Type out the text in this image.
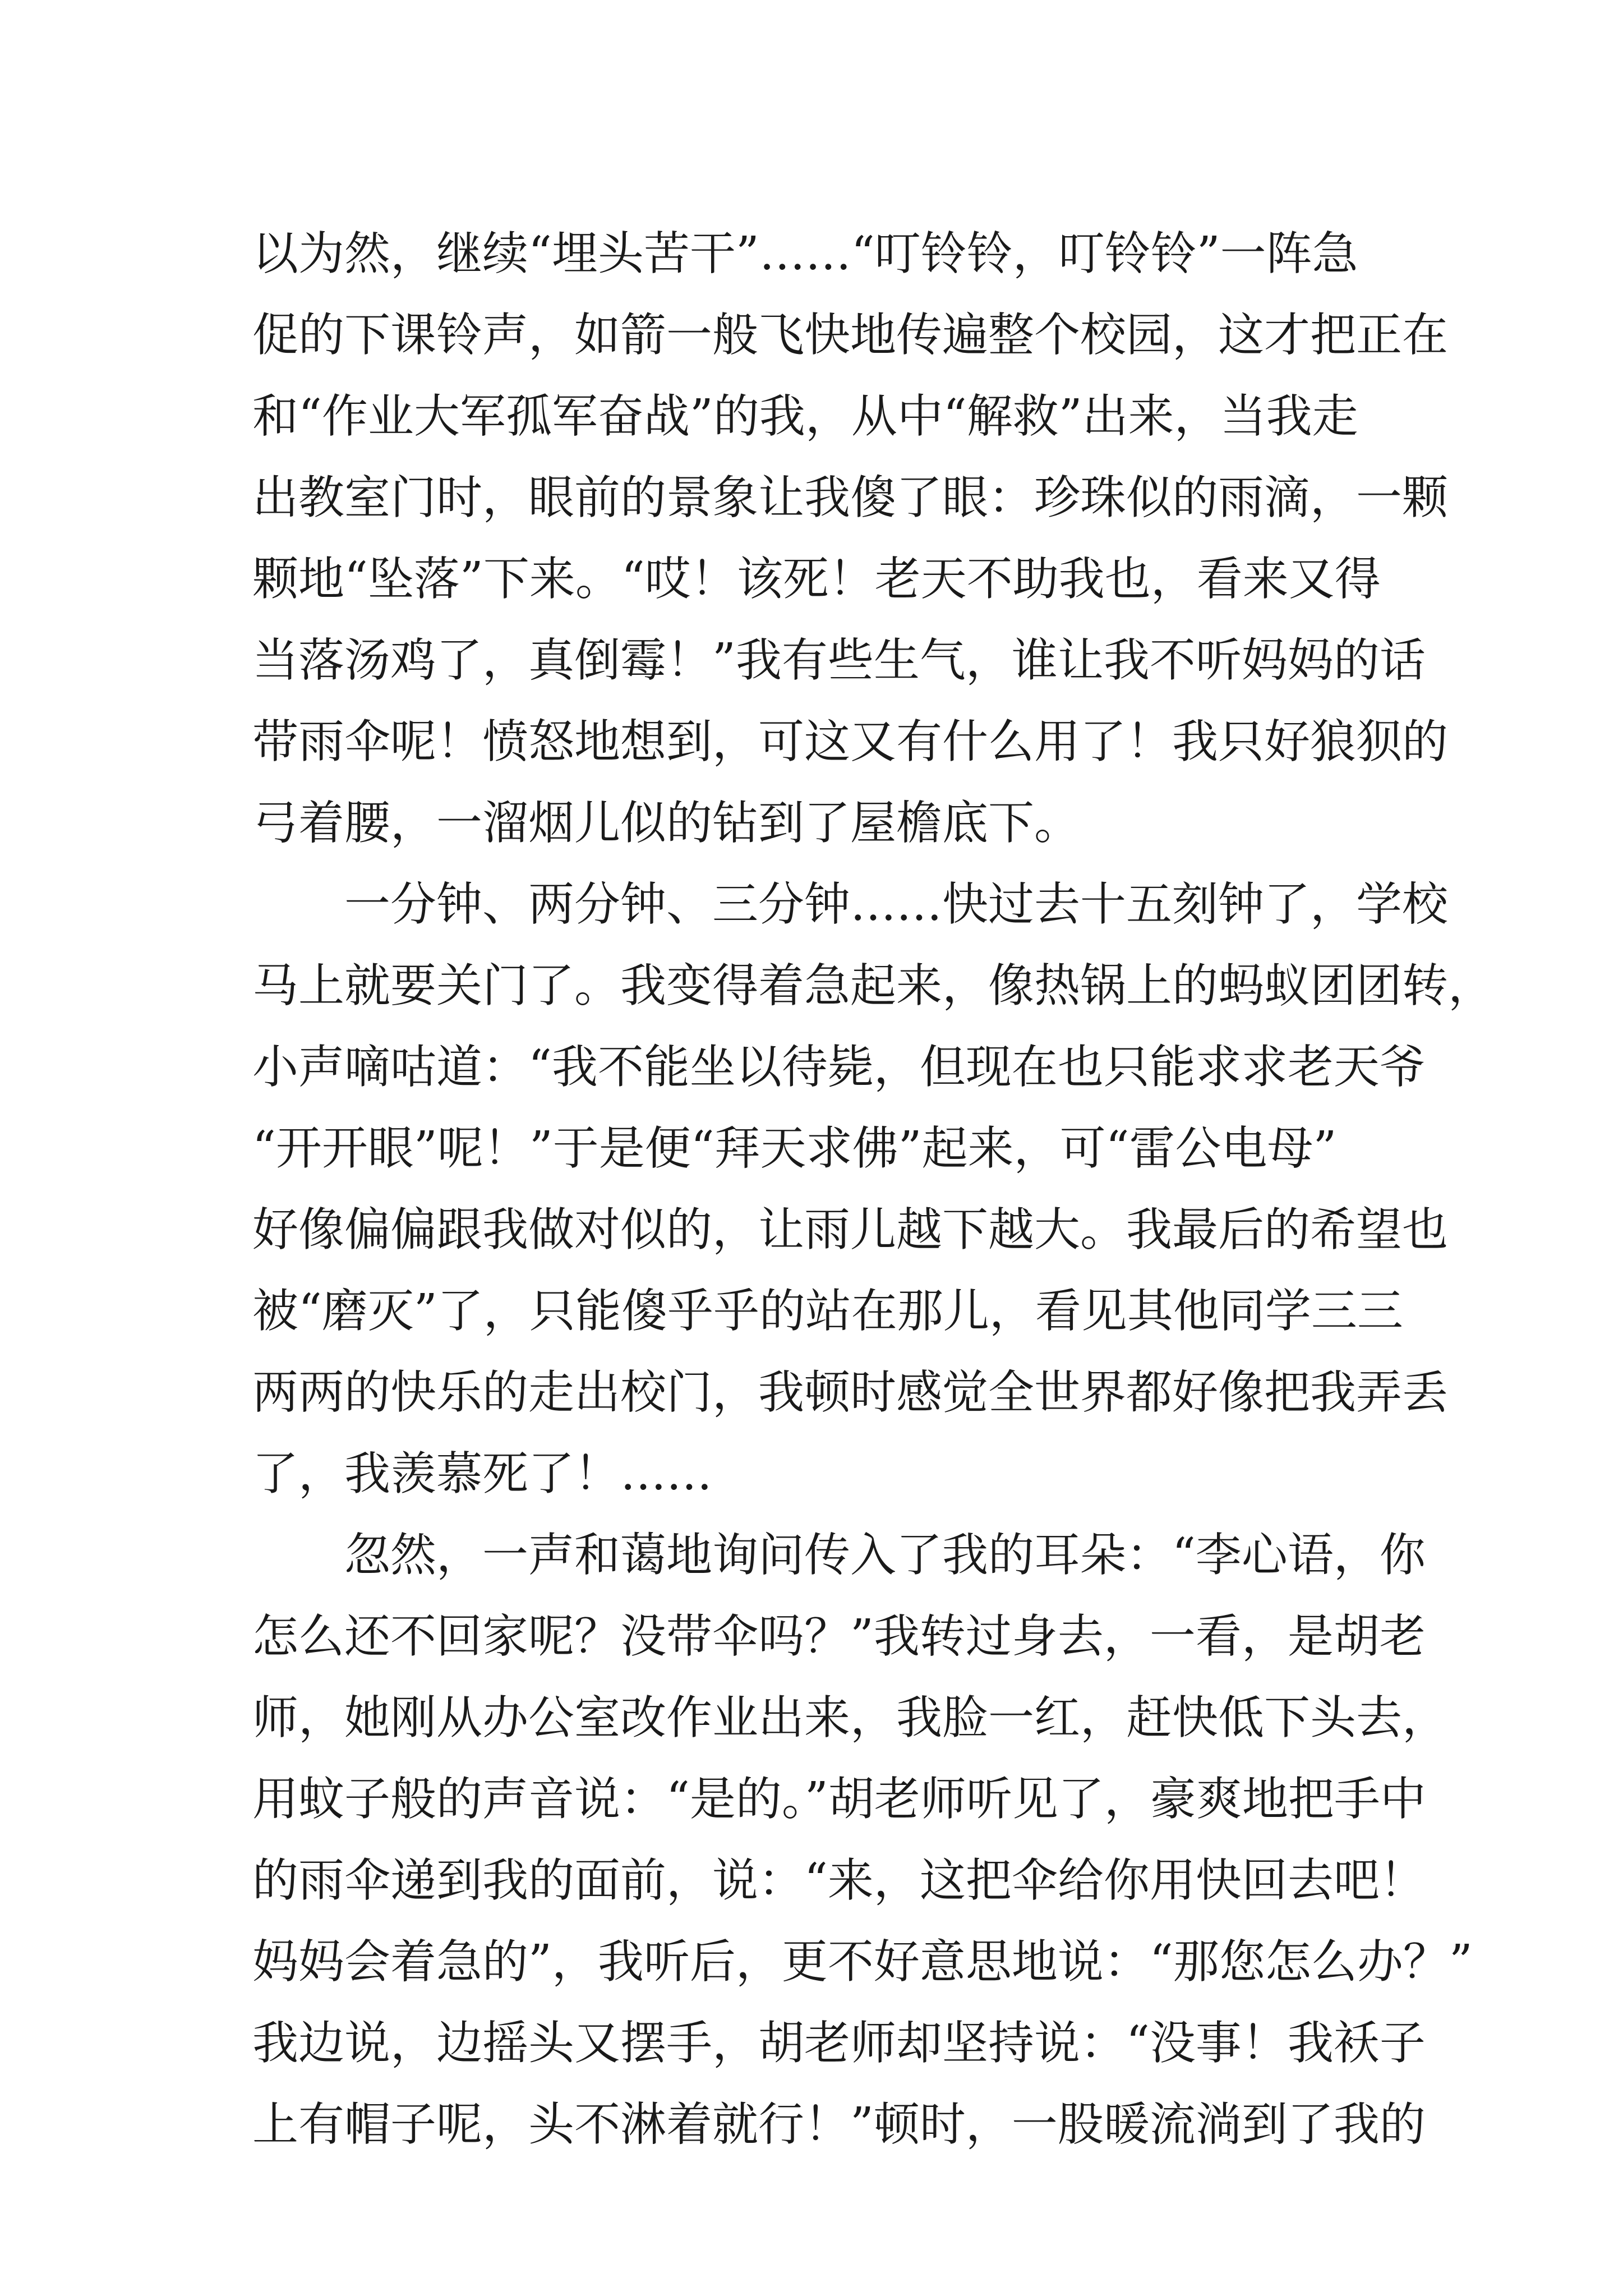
以为然，继续“埋头苦干”……“叮铃铃，叮铃铃”一阵急
促的下课铃声，如箭一般飞快地传遍整个校园，这才把正在
和“作业大军孤军奋战”的我，从中“解救”出来，当我走
出教室门时，眼前的景象让我傻了眼：珍珠似的雨滴，一颗
颗地“坠落”下来。“哎！该死！老天不助我也，看来又得
当落汤鸡了，真倒霉！”我有些生气，谁让我不听妈妈的话
带雨伞呢！愤怒地想到，可这又有什么用了！我只好狼狈的
弓着腰，一溜烟儿似的钻到了屋檐底下。
一分钟、两分钟、三分钟……快过去十五刻钟了，学校
马上就要关门了。我变得着急起来，像热锅上的蚂蚁团团转，
小声嘀咕道：“我不能坐以待毙，但现在也只能求求老天爷
“开开眼”呢！”于是便“拜天求佛”起来，可“雷公电母”
好像偏偏跟我做对似的，让雨儿越下越大。我最后的希望也
被“磨灭”了，只能傻乎乎的站在那儿，看见其他同学三三
两两的快乐的走出校门，我顿时感觉全世界都好像把我弄丢
了，我羡慕死了！……
忽然，一声和蔼地询问传入了我的耳朵：“李心语，你
怎么还不回家呢？没带伞吗？”我转过身去，一看，是胡老
师，她刚从办公室改作业出来，我脸一红，赶快低下头去，
用蚊子般的声音说：“是的。”胡老师听见了，豪爽地把手中
的雨伞递到我的面前，说：“来，这把伞给你用快回去吧！
妈妈会着急的”，我听后，更不好意思地说：“那您怎么办？”
我边说，边摇头又摆手，胡老师却坚持说：“没事！我袄子
上有帽子呢，头不淋着就行！”顿时，一股暖流淌到了我的
